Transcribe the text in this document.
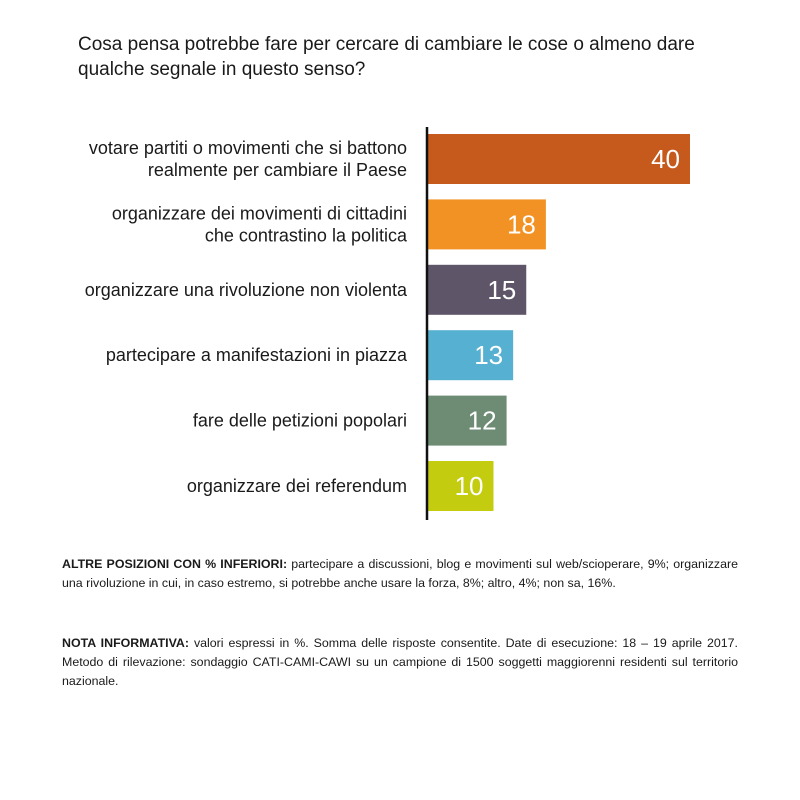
Cosa pensa potrebbe fare per cercare di cambiare le cose o almeno dare qualche segnale in questo senso?
40
votare partiti o movimenti che si battono
realmente per cambiare il Paese
18
organizzare dei movimenti di cittadini
che contrastino la politica
15
organizzare una rivoluzione non violenta
13
partecipare a manifestazioni in piazza
12
fare delle petizioni popolari
10
organizzare dei referendum

ALTRE POSIZIONI CON % INFERIORI: partecipare a discussioni, blog e movimenti sul web/scioperare, 9%; organizzare una rivoluzione in cui, in caso estremo, si potrebbe anche usare la forza, 8%; altro, 4%; non sa, 16%.

NOTA INFORMATIVA: valori espressi in %. Somma delle risposte consentite. Date di esecuzione: 18 – 19 aprile 2017. Metodo di rilevazione: sondaggio CATI-CAMI-CAWI su un campione di 1500 soggetti maggiorenni residenti sul territorio nazionale.
